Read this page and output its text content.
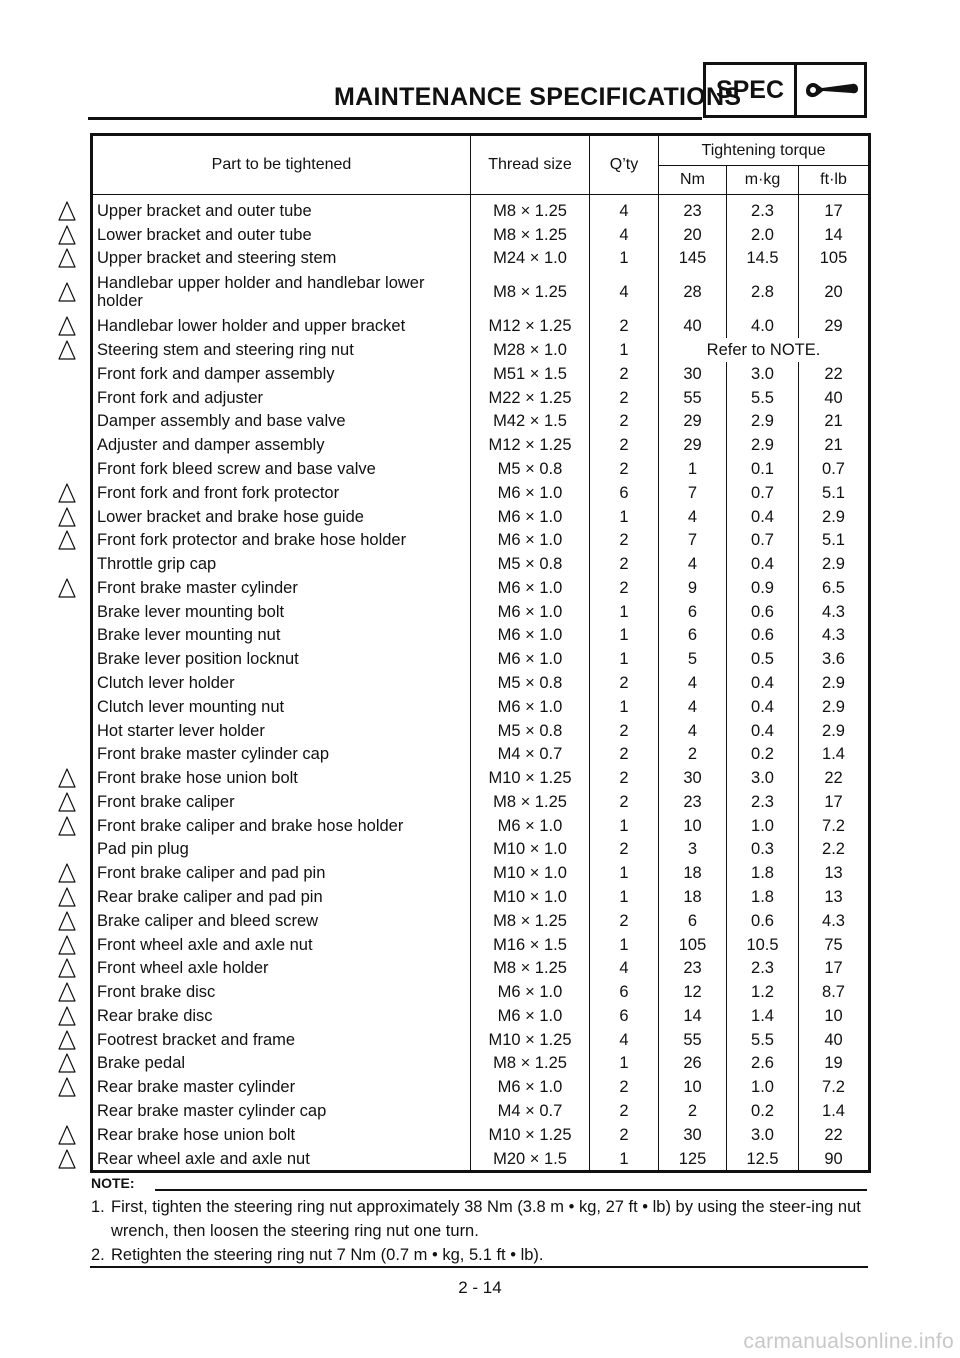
MAINTENANCE SPECIFICATIONS
SPEC
Part to be tightened	Thread size	Q’ty	Tightening torque		
			Nm	m·kg	ft·lb
Upper bracket and outer tube	M8 × 1.25	4	23	2.3	17
Lower bracket and outer tube	M8 × 1.25	4	20	2.0	14
Upper bracket and steering stem	M24 × 1.0	1	145	14.5	105
Handlebar upper holder and handlebar lower holder	M8 × 1.25	4	28	2.8	20
Handlebar lower holder and upper bracket	M12 × 1.25	2	40	4.0	29
Steering stem and steering ring nut	M28 × 1.0	1	Refer to NOTE.		
Front fork and damper assembly	M51 × 1.5	2	30	3.0	22
Front fork and adjuster	M22 × 1.25	2	55	5.5	40
Damper assembly and base valve	M42 × 1.5	2	29	2.9	21
Adjuster and damper assembly	M12 × 1.25	2	29	2.9	21
Front fork bleed screw and base valve	M5 × 0.8	2	1	0.1	0.7
Front fork and front fork protector	M6 × 1.0	6	7	0.7	5.1
Lower bracket and brake hose guide	M6 × 1.0	1	4	0.4	2.9
Front fork protector and brake hose holder	M6 × 1.0	2	7	0.7	5.1
Throttle grip cap	M5 × 0.8	2	4	0.4	2.9
Front brake master cylinder	M6 × 1.0	2	9	0.9	6.5
Brake lever mounting bolt	M6 × 1.0	1	6	0.6	4.3
Brake lever mounting nut	M6 × 1.0	1	6	0.6	4.3
Brake lever position locknut	M6 × 1.0	1	5	0.5	3.6
Clutch lever holder	M5 × 0.8	2	4	0.4	2.9
Clutch lever mounting nut	M6 × 1.0	1	4	0.4	2.9
Hot starter lever holder	M5 × 0.8	2	4	0.4	2.9
Front brake master cylinder cap	M4 × 0.7	2	2	0.2	1.4
Front brake hose union bolt	M10 × 1.25	2	30	3.0	22
Front brake caliper	M8 × 1.25	2	23	2.3	17
Front brake caliper and brake hose holder	M6 × 1.0	1	10	1.0	7.2
Pad pin plug	M10 × 1.0	2	3	0.3	2.2
Front brake caliper and pad pin	M10 × 1.0	1	18	1.8	13
Rear brake caliper and pad pin	M10 × 1.0	1	18	1.8	13
Brake caliper and bleed screw	M8 × 1.25	2	6	0.6	4.3
Front wheel axle and axle nut	M16 × 1.5	1	105	10.5	75
Front wheel axle holder	M8 × 1.25	4	23	2.3	17
Front brake disc	M6 × 1.0	6	12	1.2	8.7
Rear brake disc	M6 × 1.0	6	14	1.4	10
Footrest bracket and frame	M10 × 1.25	4	55	5.5	40
Brake pedal	M8 × 1.25	1	26	2.6	19
Rear brake master cylinder	M6 × 1.0	2	10	1.0	7.2
Rear brake master cylinder cap	M4 × 0.7	2	2	0.2	1.4
Rear brake hose union bolt	M10 × 1.25	2	30	3.0	22
Rear wheel axle and axle nut	M20 × 1.5	1	125	12.5	90
NOTE:
1. First, tighten the steering ring nut approximately 38 Nm (3.8 m • kg, 27 ft • lb) by using the steer-ing nut wrench, then loosen the steering ring nut one turn.
2. Retighten the steering ring nut 7 Nm (0.7 m • kg, 5.1 ft • lb).
2 - 14
carmanualsonline.info
